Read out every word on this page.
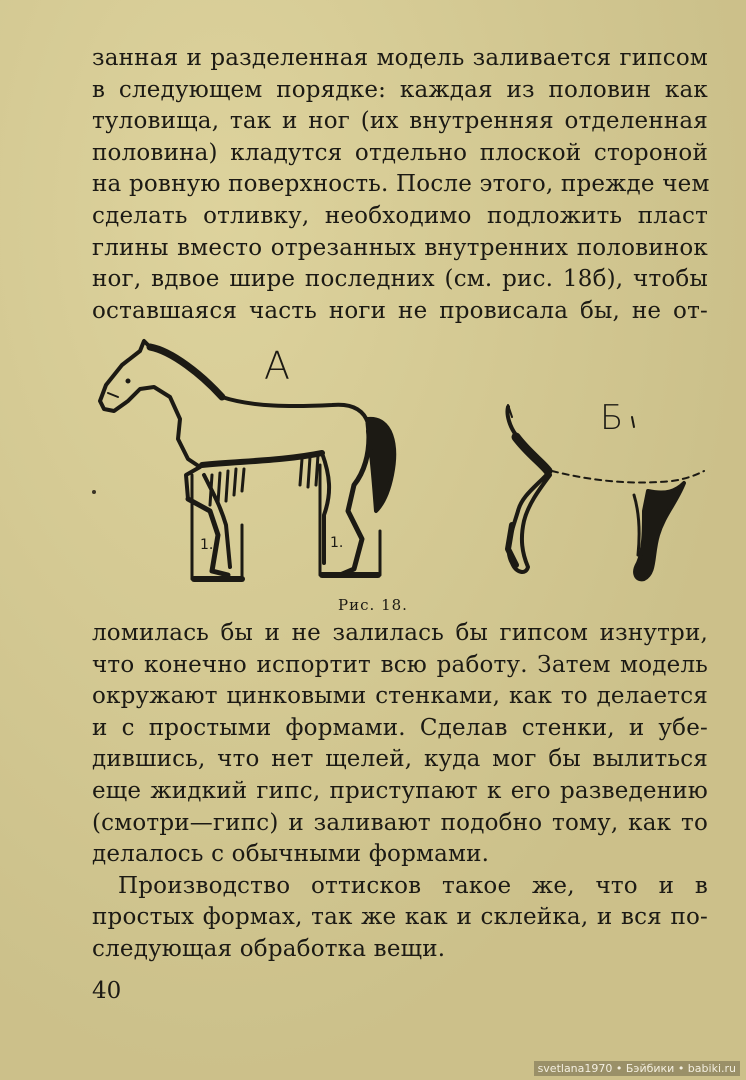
занная и разделенная модель заливается гипсом
в следующем порядке: каждая из половин как
туловища, так и ног (их внутренняя отделенная
половина) кладутся отдельно плоской стороной
на ровную поверхность. После этого, прежде чем
сделать отливку, необходимо подложить пласт
глины вместо отрезанных внутренних половинок
ног, вдвое шире последних (см. рис. 18б), чтобы
оставшаяся часть ноги не провисала бы, не от-
А
1.	1.
Б
Рис. 18.
ломилась бы и не залилась бы гипсом изнутри,
что конечно испортит всю работу. Затем модель
окружают цинковыми стенками, как то делается
и с простыми формами. Сделав стенки, и убе-
дившись, что нет щелей, куда мог бы вылиться
еще жидкий гипс, приступают к его разведению
(смотри—гипс) и заливают подобно тому, как то
делалось с обычными формами.
Производство оттисков такое же, что и в
простых формах, так же как и склейка, и вся по-
следующая обработка вещи.
40
svetlana1970 • Бэйбики • babiki.ru
